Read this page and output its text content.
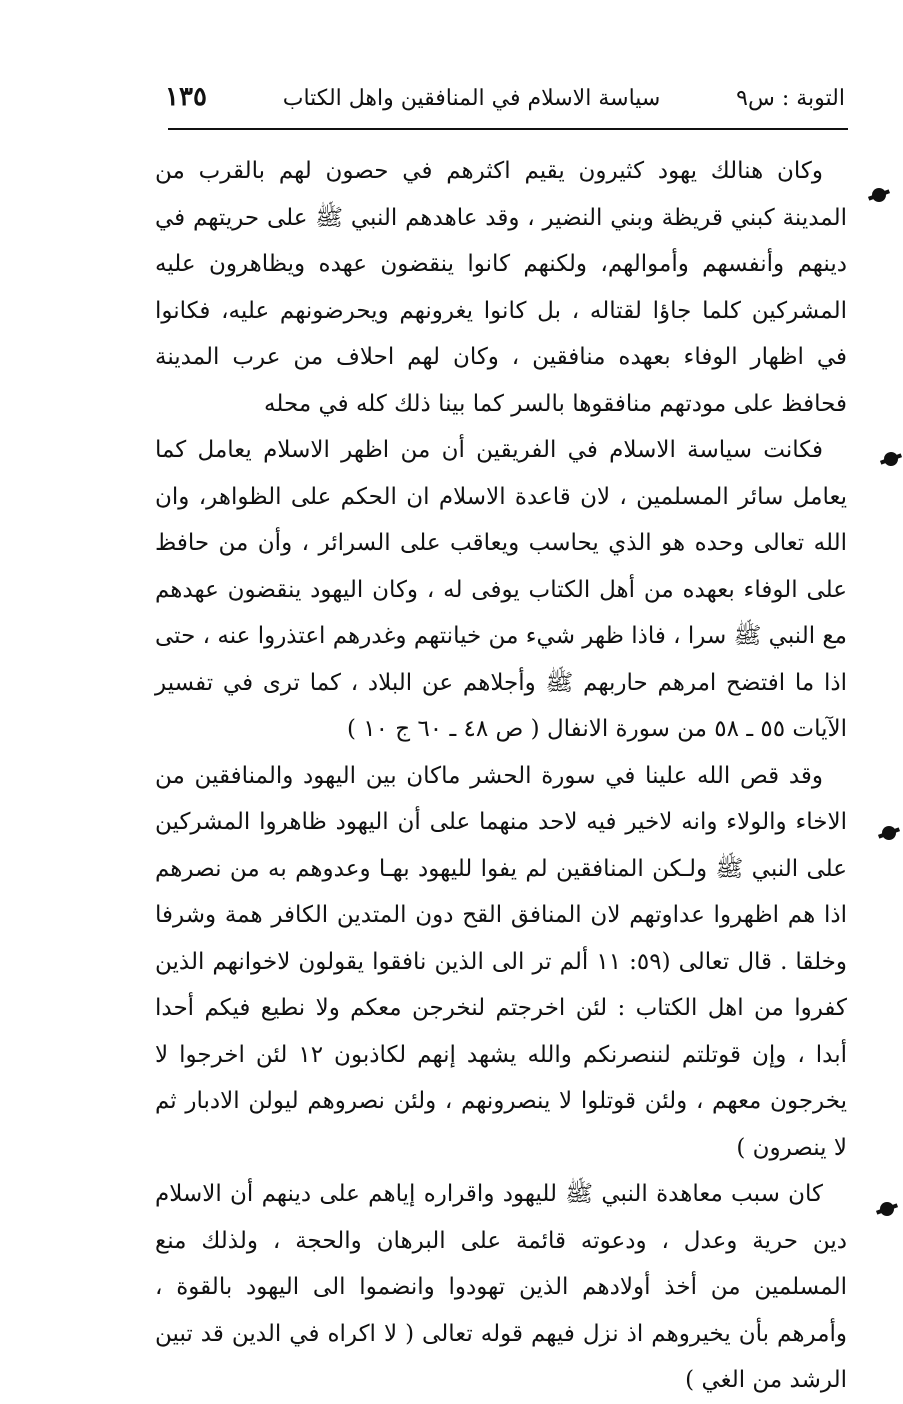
التوبة : س٩
سياسة الاسلام في المنافقين واهل الكتاب
١٣٥

وكان هنالك يهود كثيرون يقيم اكثرهم في حصون لهم بالقرب من المدينة كبني قريظة وبني النضير ، وقد عاهدهم النبي ﷺ على حريتهم في دينهم وأنفسهم وأموالهم، ولكنهم كانوا ينقضون عهده ويظاهرون عليه المشركين كلما جاؤا لقتاله ، بل كانوا يغرونهم ويحرضونهم عليه، فكانوا في اظهار الوفاء بعهده منافقين ، وكان لهم احلاف من عرب المدينة فحافظ على مودتهم منافقوها بالسر كما بينا ذلك كله في محله

فكانت سياسة الاسلام في الفريقين أن من اظهر الاسلام يعامل كما يعامل سائر المسلمين ، لان قاعدة الاسلام ان الحكم على الظواهر، وان الله تعالى وحده هو الذي يحاسب ويعاقب على السرائر ، وأن من حافظ على الوفاء بعهده من أهل الكتاب يوفى له ، وكان اليهود ينقضون عهدهم مع النبي ﷺ سرا ، فاذا ظهر شيء من خيانتهم وغدرهم اعتذروا عنه ، حتى اذا ما افتضح امرهم حاربهم ﷺ وأجلاهم عن البلاد ، كما ترى في تفسير الآيات ٥٥ ـ ٥٨ من سورة الانفال ( ص ٤٨ ـ ٦٠ ج ١٠ )

وقد قص الله علينا في سورة الحشر ماكان بين اليهود والمنافقين من الاخاء والولاء وانه لاخير فيه لاحد منهما على أن اليهود ظاهروا المشركين على النبي ﷺ ولـكن المنافقين لم يفوا لليهود بهـا وعدوهم به من نصرهم اذا هم اظهروا عداوتهم لان المنافق القح دون المتدين الكافر همة وشرفا وخلقا . قال تعالى (٥٩: ١١ ألم تر الى الذين نافقوا يقولون لاخوانهم الذين كفروا من اهل الكتاب : لئن اخرجتم لنخرجن معكم ولا نطيع فيكم أحدا أبدا ، وإن قوتلتم لننصرنكم والله يشهد إنهم لكاذبون ١٢ لئن اخرجوا لا يخرجون معهم ، ولئن قوتلوا لا ينصرونهم ، ولئن نصروهم ليولن الادبار ثم لا ينصرون )

كان سبب معاهدة النبي ﷺ لليهود واقراره إياهم على دينهم أن الاسلام دين حرية وعدل ، ودعوته قائمة على البرهان والحجة ، ولذلك منع المسلمين من أخذ أولادهم الذين تهودوا وانضموا الى اليهود بالقوة ، وأمرهم بأن يخيروهم اذ نزل فيهم قوله تعالى ( لا اكراه في الدين قد تبين الرشد من الغي )
